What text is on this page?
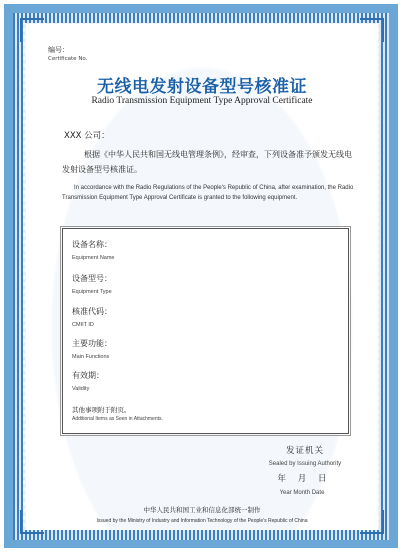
编号：
Certificate No.
无线电发射设备型号核准证
Radio Transmission Equipment Type Approval Certificate
XXX 公司：
根据《中华人民共和国无线电管理条例》，经审查，下列设备准予颁发无线电发射设备型号核准证。
In accordance with the Radio Regulations of the People's Republic of China, after examination, the Radio Transmission Equipment Type Approval Certificate is granted to the following equipment.
设备名称：
Equipment Name
设备型号：
Equipment Type
核准代码：
CMIIT ID
主要功能：
Main Functions
有效期：
Validity
其他事项附于附页。
Additional Items as Seen in Attachments.
发证机关
Sealed by Issuing Authority
年 月 日
Year Month Date
中华人民共和国工业和信息化部统一制作
Issued by the Ministry of Industry and Information Technology of the People's Republic of China
